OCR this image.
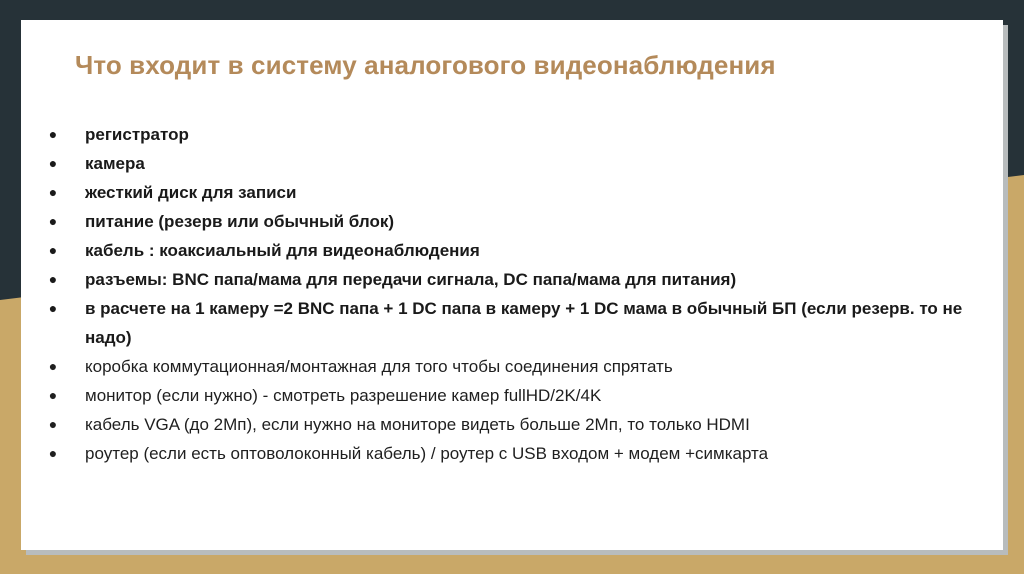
Что входит в систему аналогового видеонаблюдения
● регистратор
● камера
● жесткий диск для записи
● питание (резерв или обычный блок)
● кабель : коаксиальный для видеонаблюдения
● разъемы: BNC папа/мама для передачи сигнала, DC папа/мама для питания)
● в расчете на 1 камеру =2 BNC папа + 1 DC папа в камеру + 1 DC мама в обычный БП (если резерв. то не надо)
● коробка коммутационная/монтажная для того чтобы соединения спрятать
● монитор (если нужно) - смотреть разрешение камер fullHD/2K/4K
● кабель VGA (до 2Мп), если нужно на мониторе видеть больше 2Мп, то только HDMI
● роутер (если есть оптоволоконный кабель) / роутер с USB входом + модем +симкарта
